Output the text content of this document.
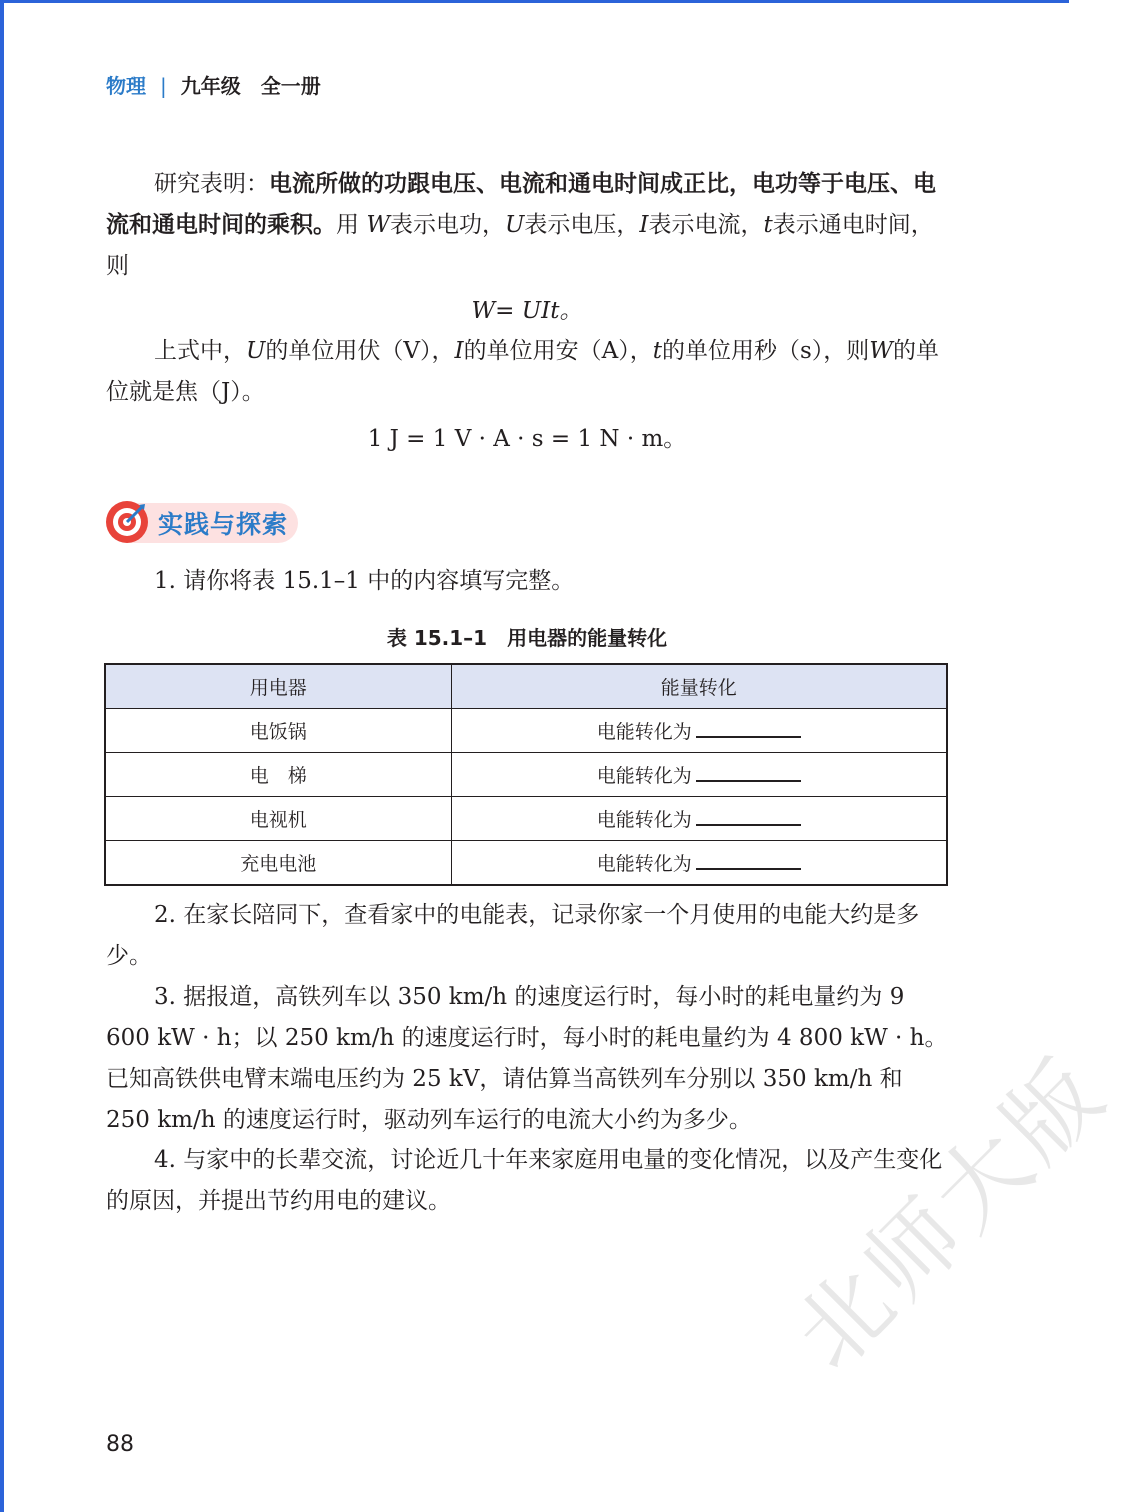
物理 | 九年级　全一册
研究表明：电流所做的功跟电压、电流和通电时间成正比，电功等于电压、电流和通电时间的乘积。用 W表示电功，U表示电压，I表示电流，t表示通电时间，则
W= UIt。
上式中，U的单位用伏（V），I的单位用安（A），t的单位用秒（s），则W的单位就是焦（J）。
1 J = 1 V · A · s = 1 N · m。
实践与探索
1. 请你将表 15.1–1 中的内容填写完整。
表 15.1–1　用电器的能量转化
用电器	能量转化
电饭锅	电能转化为
电　梯	电能转化为
电视机	电能转化为
充电电池	电能转化为
2. 在家长陪同下，查看家中的电能表，记录你家一个月使用的电能大约是多少。
3. 据报道，高铁列车以 350 km/h 的速度运行时，每小时的耗电量约为 9 600 kW · h；以 250 km/h 的速度运行时，每小时的耗电量约为 4 800 kW · h。已知高铁供电臂末端电压约为 25 kV，请估算当高铁列车分别以 350 km/h 和 250 km/h 的速度运行时，驱动列车运行的电流大小约为多少。
4. 与家中的长辈交流，讨论近几十年来家庭用电量的变化情况，以及产生变化的原因，并提出节约用电的建议。
88
北师大版
